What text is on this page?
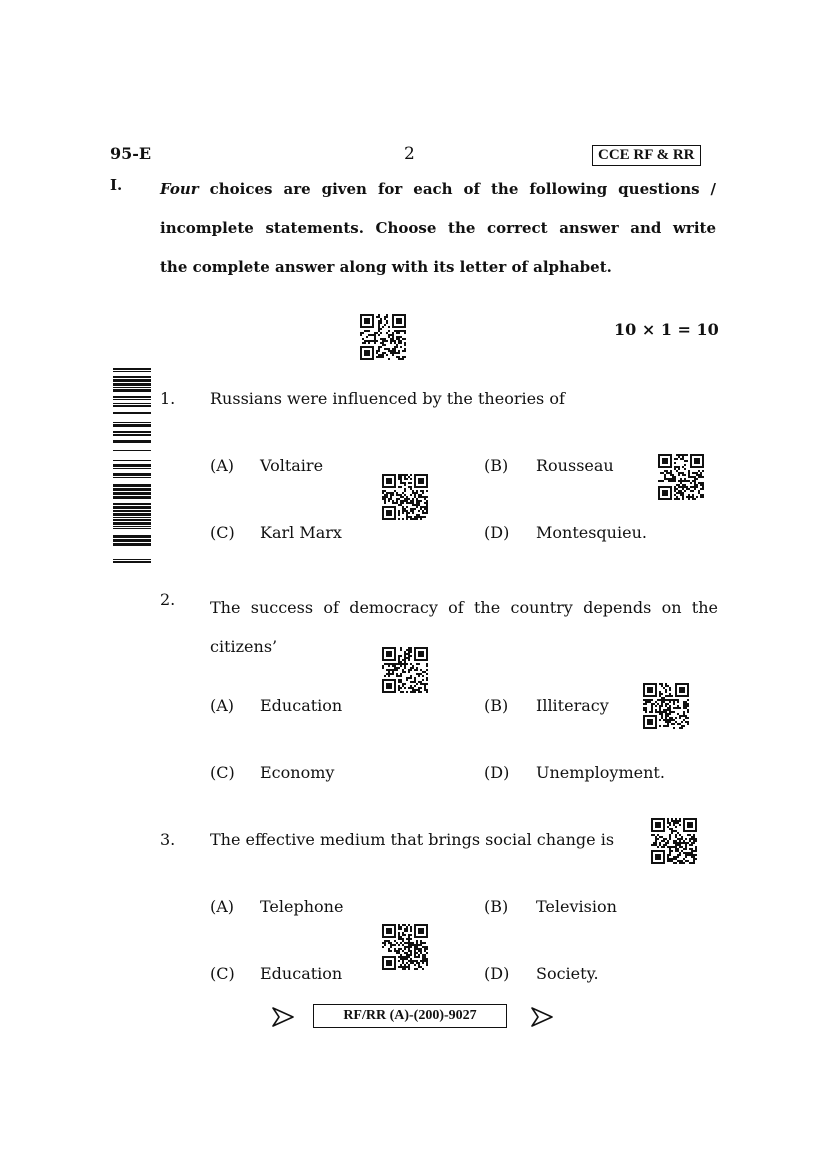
95-E	2	CCE RF & RR
I.	Four choices are given for each of the following questions /

incomplete statements. Choose the correct answer and write

the complete answer along with its letter of alphabet.

10 × 1 = 10
1. Russians were influenced by the theories of
(A) Voltaire	(B) Rousseau
(C) Karl Marx	(D) Montesquieu.
2. The success of democracy of the country depends on the
citizens’
(A) Education	(B) Illiteracy
(C) Economy	(D) Unemployment.
3. The effective medium that brings social change is
(A) Telephone	(B) Television
(C) Education	(D) Society.
RF/RR (A)-(200)-9027
